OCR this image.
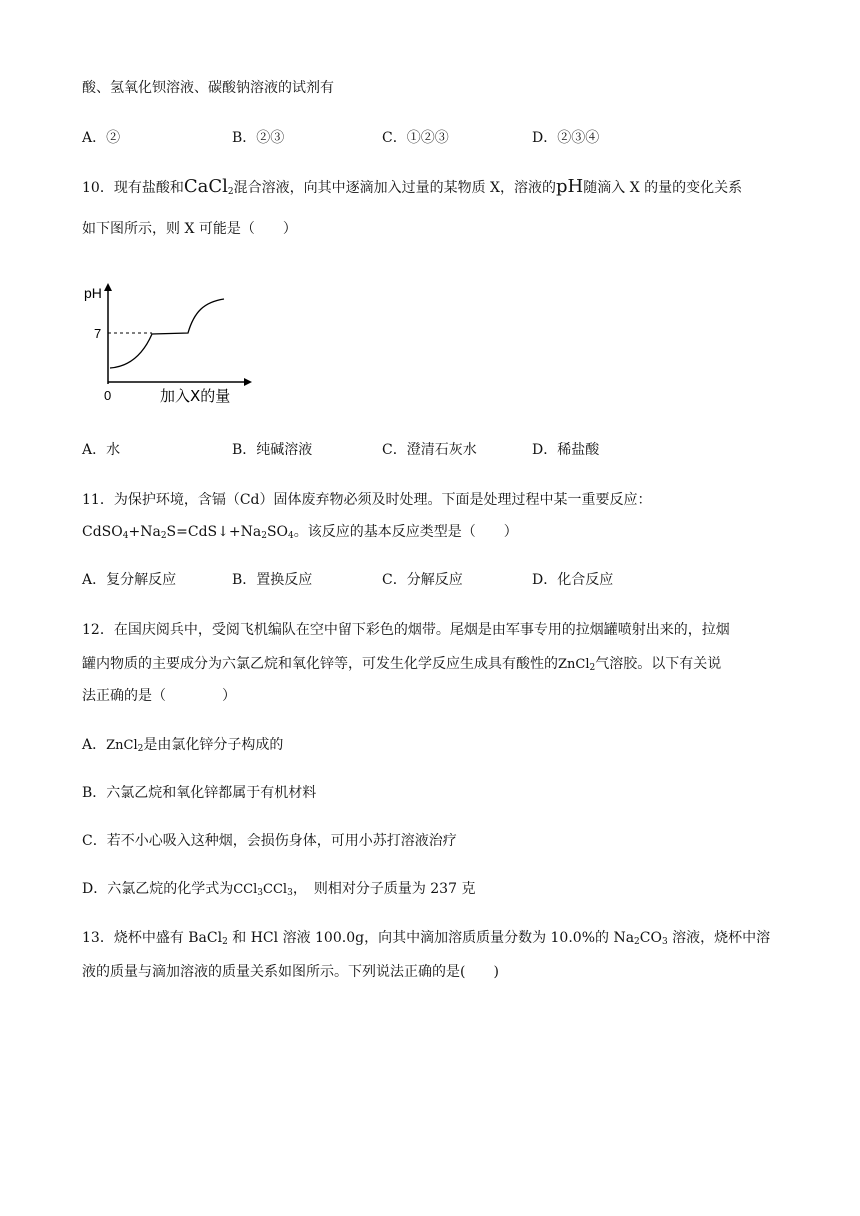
酸、氢氧化钡溶液、碳酸钠溶液的试剂有
A．②	B．②③	C．①②③	D．②③④
10．现有盐酸和CaCl$_2$混合溶液，向其中逐滴加入过量的某物质 X，溶液的pH随滴入 X 的量的变化关系
如下图所示，则 X 可能是（　　）
pH
7
0	加入X的量
A．水	B．纯碱溶液	C．澄清石灰水	D．稀盐酸
11．为保护环境，含镉（Cd）固体废弃物必须及时处理。下面是处理过程中某一重要反应：
$CdSO_4+Na_2S=CdS↓+Na_2SO_4$。该反应的基本反应类型是（　　）
A．复分解反应	B．置换反应	C．分解反应	D．化合反应
12．在国庆阅兵中，受阅飞机编队在空中留下彩色的烟带。尾烟是由军事专用的拉烟罐喷射出来的，拉烟
罐内物质的主要成分为六氯乙烷和氧化锌等，可发生化学反应生成具有酸性的ZnCl$_2$气溶胶。以下有关说
法正确的是（　　　　）
A．ZnCl$_2$是由氯化锌分子构成的
B．六氯乙烷和氧化锌都属于有机材料
C．若不小心吸入这种烟，会损伤身体，可用小苏打溶液治疗
D．六氯乙烷的化学式为CCl$_3$CCl$_3$，　则相对分子质量为 237 克
13．烧杯中盛有 BaCl$_2$ 和 HCl 溶液 100.0g，向其中滴加溶质质量分数为 10.0%的 $Na_2CO_3$ 溶液，烧杯中溶
液的质量与滴加溶液的质量关系如图所示。下列说法正确的是(　　)
